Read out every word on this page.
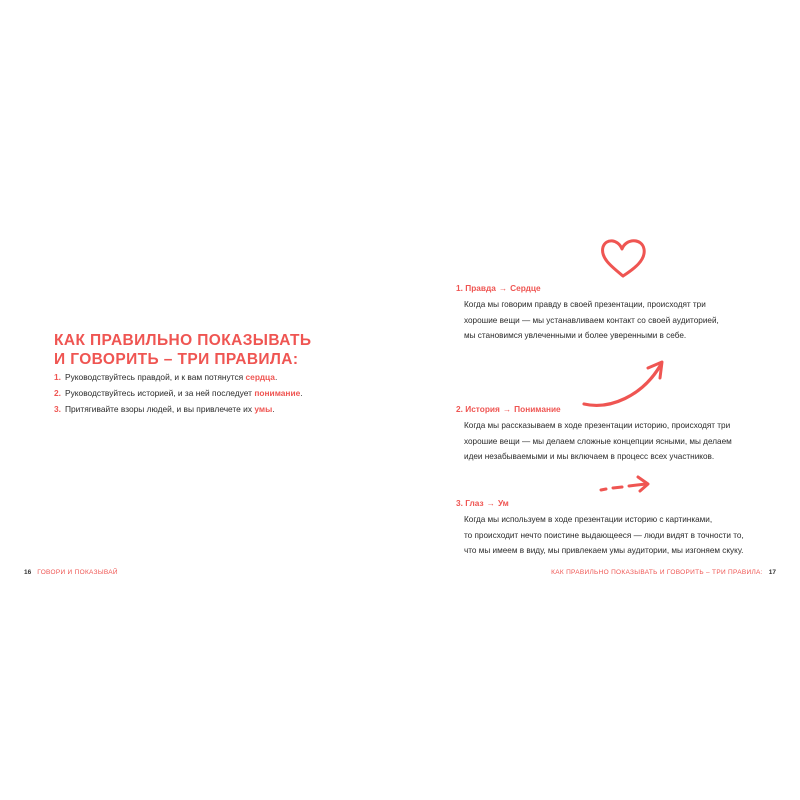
КАК ПРАВИЛЬНО ПОКАЗЫВАТЬ
И ГОВОРИТЬ – ТРИ ПРАВИЛА:
1. Руководствуйтесь правдой, и к вам потянутся сердца.
2. Руководствуйтесь историей, и за ней последует понимание.
3. Притягивайте взоры людей, и вы привлечете их умы.
16 ГОВОРИ И ПОКАЗЫВАЙ
1. Правда → Сердце
Когда мы говорим правду в своей презентации, происходят три
хорошие вещи — мы устанавливаем контакт со своей аудиторией,
мы становимся увлеченными и более уверенными в себе.
2. История → Понимание
Когда мы рассказываем в ходе презентации историю, происходят три
хорошие вещи — мы делаем сложные концепции ясными, мы делаем
идеи незабываемыми и мы включаем в процесс всех участников.
3. Глаз → Ум
Когда мы используем в ходе презентации историю с картинками,
то происходит нечто поистине выдающееся — люди видят в точности то,
что мы имеем в виду, мы привлекаем умы аудитории, мы изгоняем скуку.
КАК ПРАВИЛЬНО ПОКАЗЫВАТЬ И ГОВОРИТЬ – ТРИ ПРАВИЛА: 17
